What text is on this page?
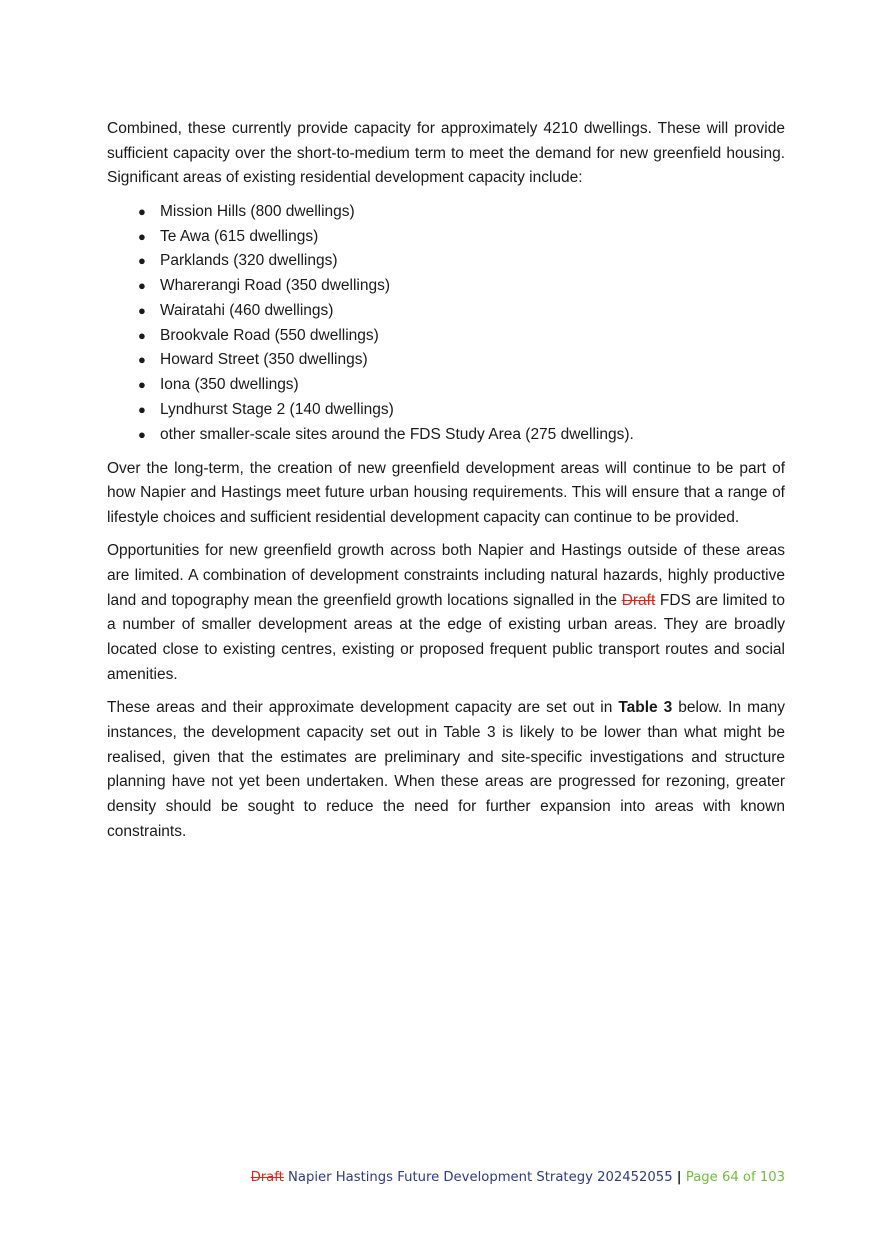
Combined, these currently provide capacity for approximately 4210 dwellings. These will provide sufficient capacity over the short-to-medium term to meet the demand for new greenfield housing. Significant areas of existing residential development capacity include:

● Mission Hills (800 dwellings)
● Te Awa (615 dwellings)
● Parklands (320 dwellings)
● Wharerangi Road (350 dwellings)
● Wairatahi (460 dwellings)
● Brookvale Road (550 dwellings)
● Howard Street (350 dwellings)
● Iona (350 dwellings)
● Lyndhurst Stage 2 (140 dwellings)
● other smaller-scale sites around the FDS Study Area (275 dwellings).

Over the long-term, the creation of new greenfield development areas will continue to be part of how Napier and Hastings meet future urban housing requirements. This will ensure that a range of lifestyle choices and sufficient residential development capacity can continue to be provided.

Opportunities for new greenfield growth across both Napier and Hastings outside of these areas are limited. A combination of development constraints including natural hazards, highly productive land and topography mean the greenfield growth locations signalled in the Draft FDS are limited to a number of smaller development areas at the edge of existing urban areas. They are broadly located close to existing centres, existing or proposed frequent public transport routes and social amenities.

These areas and their approximate development capacity are set out in Table 3 below. In many instances, the development capacity set out in Table 3 is likely to be lower than what might be realised, given that the estimates are preliminary and site-specific investigations and structure planning have not yet been undertaken. When these areas are progressed for rezoning, greater density should be sought to reduce the need for further expansion into areas with known constraints.

Draft Napier Hastings Future Development Strategy 202452055 | Page 64 of 103
